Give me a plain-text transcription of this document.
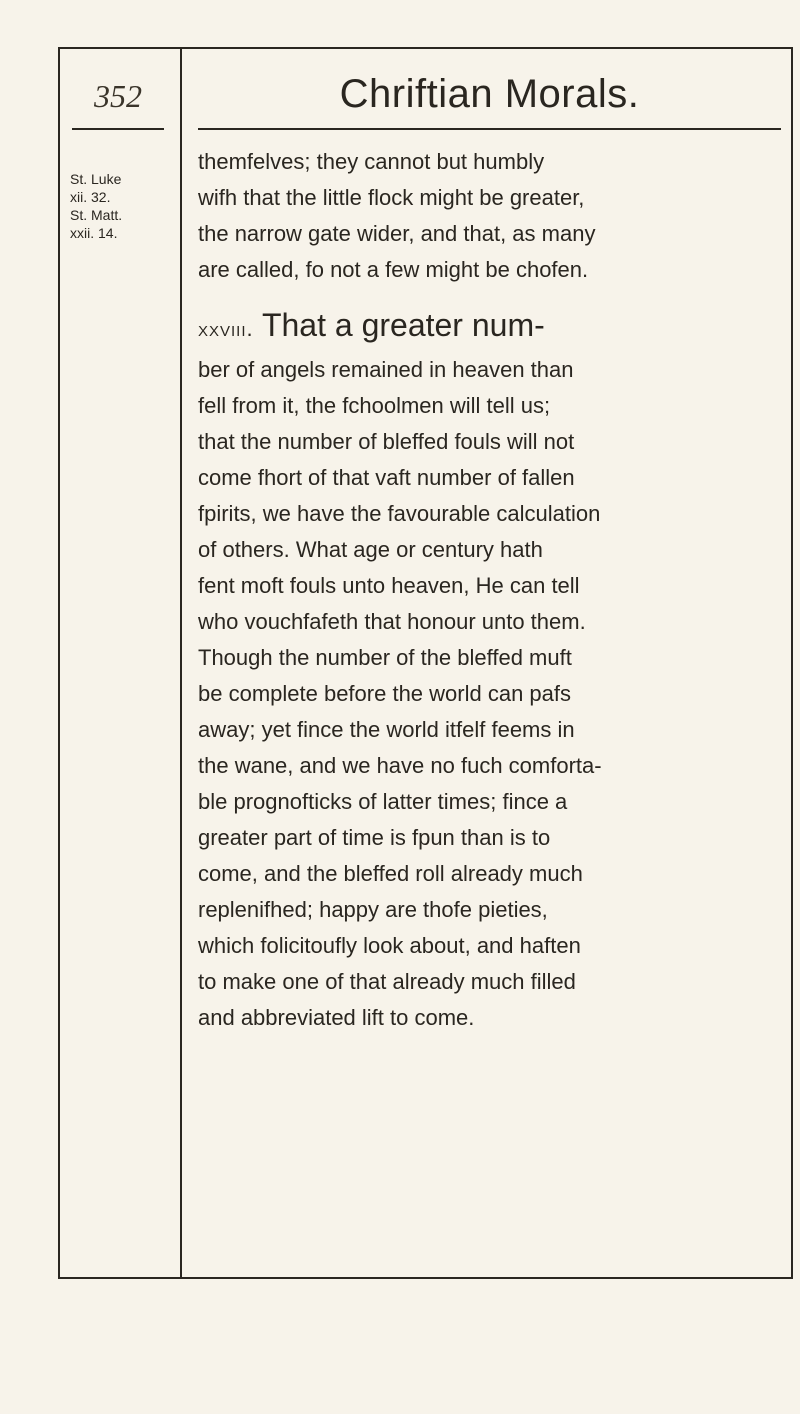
352	Chriftian Morals.
St. Luke
xii. 32.
St. Matt.
xxii. 14.
themfelves; they cannot but humbly
wifh that the little flock might be greater,
the narrow gate wider, and that, as many
are called, fo not a few might be chofen.
xxviii. That a greater num-
ber of angels remained in heaven than
fell from it, the fchoolmen will tell us;
that the number of bleffed fouls will not
come fhort of that vaft number of fallen
fpirits, we have the favourable calculation
of others. What age or century hath
fent moft fouls unto heaven, He can tell
who vouchfafeth that honour unto them.
Though the number of the bleffed muft
be complete before the world can pafs
away; yet fince the world itfelf feems in
the wane, and we have no fuch comforta-
ble prognofticks of latter times; fince a
greater part of time is fpun than is to
come, and the bleffed roll already much
replenifhed; happy are thofe pieties,
which folicitoufly look about, and haften
to make one of that already much filled
and abbreviated lift to come.
